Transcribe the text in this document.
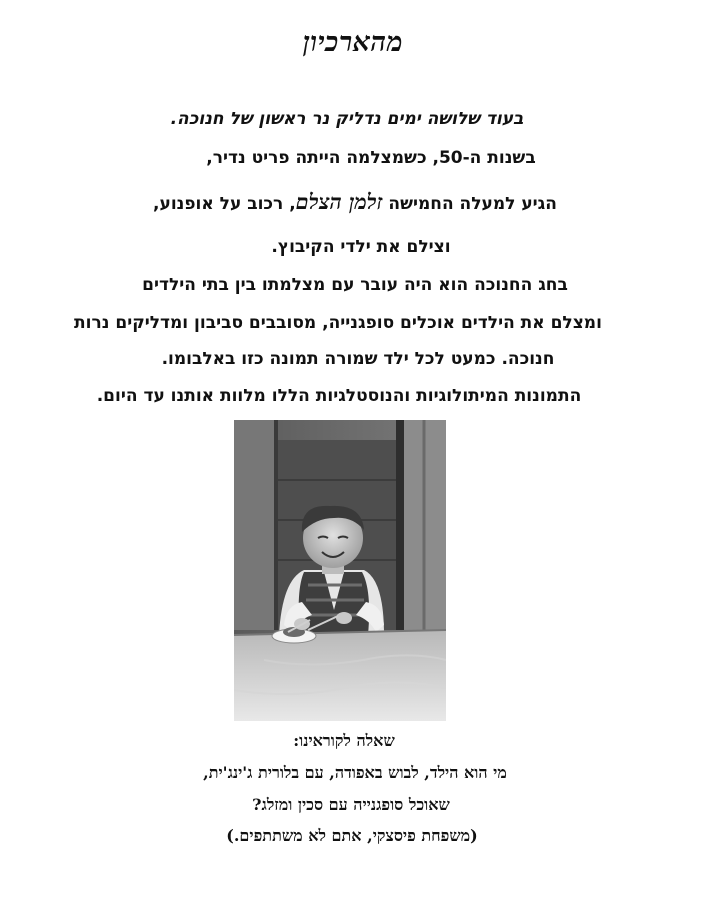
מהארכיון
בעוד שלושה ימים נדליק נר ראשון של חנוכה.
בשנות ה-50, כשמצלמה הייתה פריט נדיר,
הגיע למעלה החמישה זלמן הצלם, רכוב על אופנוע,
וצילם את ילדי הקיבוץ.
בחג החנוכה הוא היה עובר עם מצלמתו בין בתי הילדים
ומצלם את הילדים אוכלים סופגנייה, מסובבים סביבון ומדליקים נרות
חנוכה. כמעט לכל ילד שמורה תמונה כזו באלבומו.
התמונות המיתולוגיות והנוסטלגיות הללו מלוות אותנו עד היום.
שאלה לקוראינו:
מי הוא הילד, לבוש באפודה, עם בלורית ג'ינג'ית,
שאוכל סופגנייה עם סכין ומזלג?
(משפחת פיסצקי, אתם לא משתתפים.)
